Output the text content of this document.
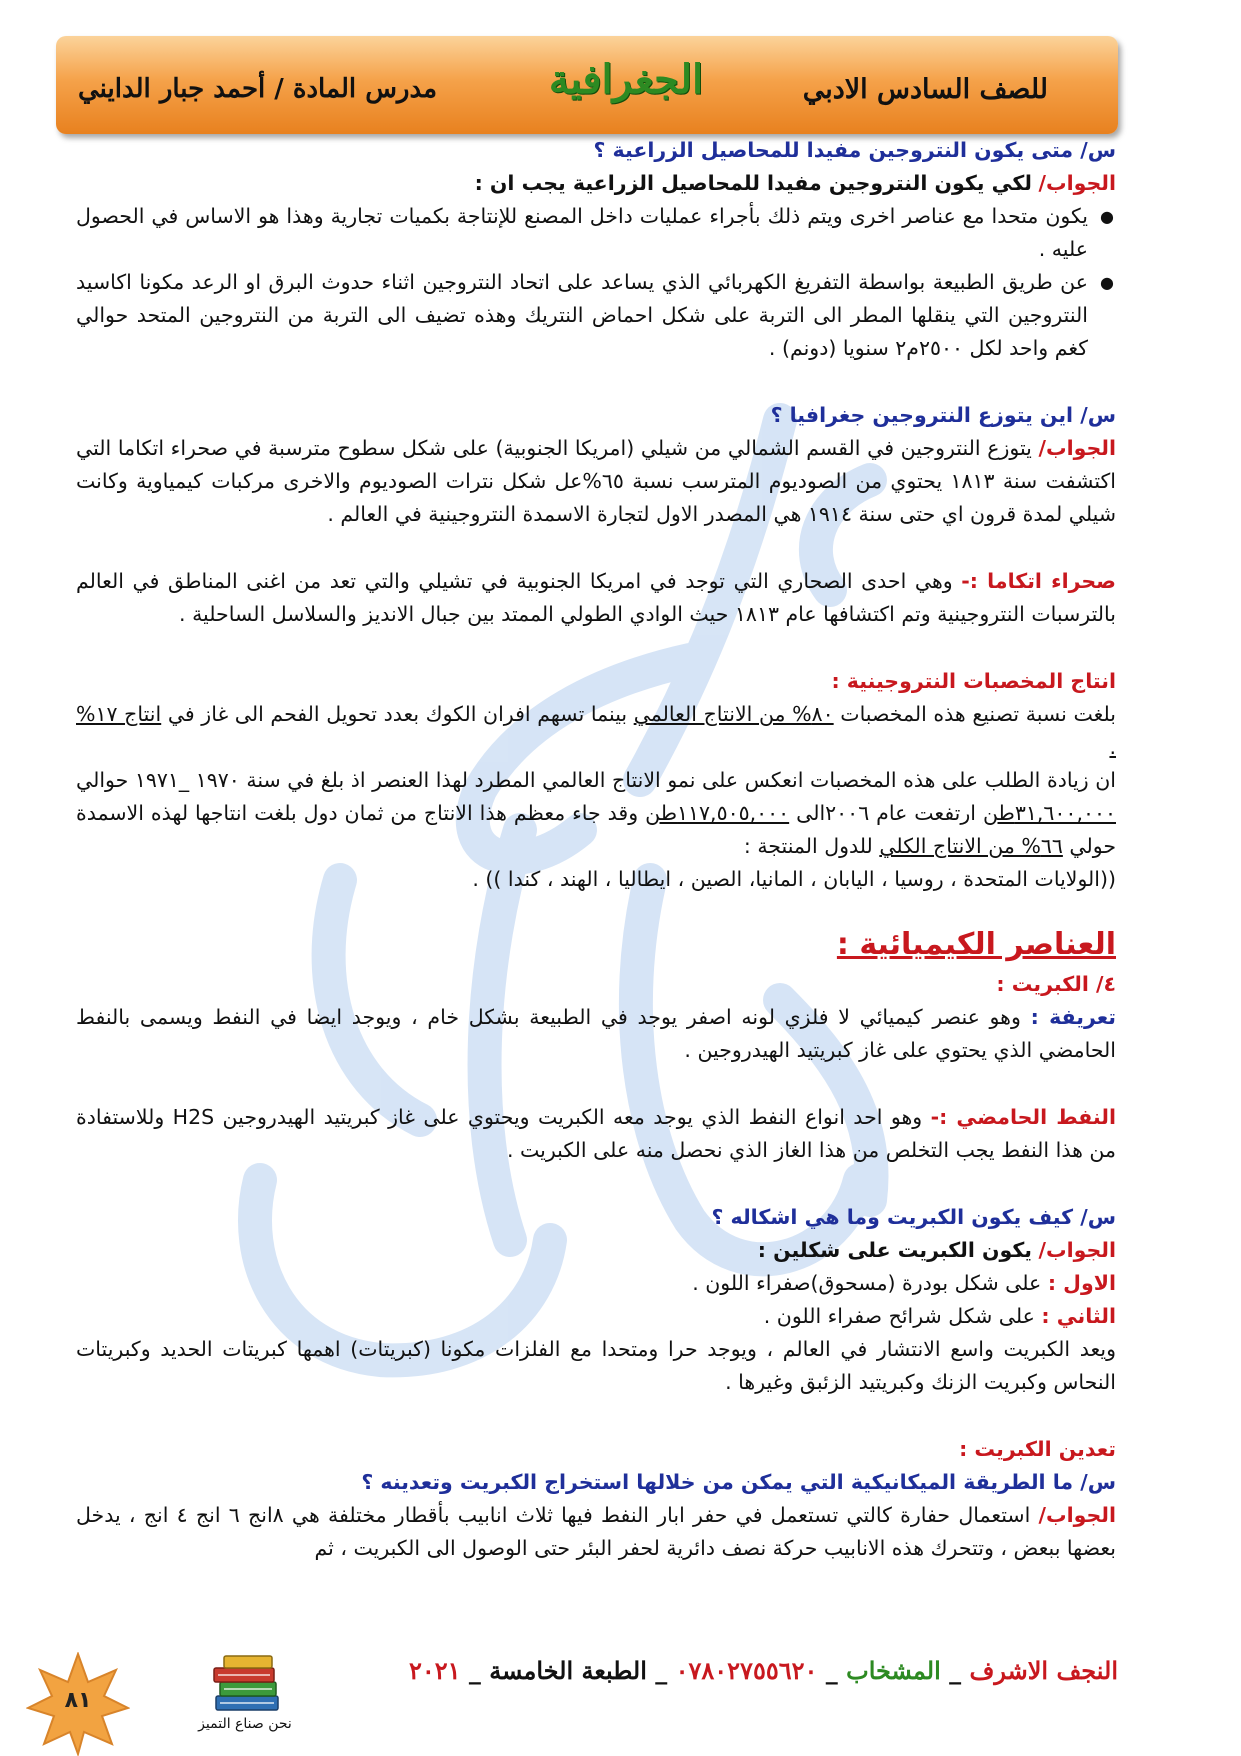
للصف السادس الادبي
الجغرافية
مدرس المادة / أحمد جبار الدايني

س/ متى يكون النتروجين مفيدا للمحاصيل الزراعية ؟

الجواب/ لكي يكون النتروجين مفيدا للمحاصيل الزراعية يجب ان :

● يكون متحدا مع عناصر اخرى ويتم ذلك بأجراء عمليات داخل المصنع للإنتاجة بكميات تجارية وهذا هو الاساس في الحصول عليه .
● عن طريق الطبيعة بواسطة التفريغ الكهربائي الذي يساعد على اتحاد النتروجين اثناء حدوث البرق او الرعد مكونا اكاسيد النتروجين التي ينقلها المطر الى التربة على شكل احماض النتريك وهذه تضيف الى التربة من النتروجين المتحد حوالي كغم واحد لكل ٢٥٠٠م٢ سنويا (دونم) .

س/ اين يتوزع النتروجين جغرافيا ؟

الجواب/ يتوزع النتروجين في القسم الشمالي من شيلي (امريكا الجنوبية) على شكل سطوح مترسبة في صحراء اتكاما التي اكتشفت سنة ١٨١٣ يحتوي من الصوديوم المترسب نسبة ٦٥%عل شكل نترات الصوديوم والاخرى مركبات كيمياوية وكانت شيلي لمدة قرون اي حتى سنة ١٩١٤ هي المصدر الاول لتجارة الاسمدة النتروجينية في العالم .

صحراء اتكاما :- وهي احدى الصحاري التي توجد في امريكا الجنوبية في تشيلي والتي تعد من اغنى المناطق في العالم بالترسبات النتروجينية وتم اكتشافها عام ١٨١٣ حيث الوادي الطولي الممتد بين جبال الانديز والسلاسل الساحلية .

انتاج المخصبات النتروجينية :

بلغت نسبة تصنيع هذه المخصبات ٨٠% من الانتاج العالمي بينما تسهم افران الكوك بعدد تحويل الفحم الى غاز في انتاج ١٧% .

ان زيادة الطلب على هذه المخصبات انعكس على نمو الانتاج العالمي المطرد لهذا العنصر اذ بلغ في سنة ١٩٧٠ _١٩٧١ حوالي ٣١,٦٠٠,٠٠٠طن ارتفعت عام ٢٠٠٦الى ١١٧,٥٠٥,٠٠٠طن وقد جاء معظم هذا الانتاج من ثمان دول بلغت انتاجها لهذه الاسمدة حولي ٦٦% من الانتاج الكلي للدول المنتجة :

((الولايات المتحدة ، روسيا ، اليابان ، المانيا، الصين ، ايطاليا ، الهند ، كندا )) .

العناصر الكيميائية :

٤/ الكبريت :

تعريفة : وهو عنصر كيميائي لا فلزي لونه اصفر يوجد في الطبيعة بشكل خام ، ويوجد ايضا في النفط ويسمى بالنفط الحامضي الذي يحتوي على غاز كبريتيد الهيدروجين .

النفط الحامضي :- وهو احد انواع النفط الذي يوجد معه الكبريت ويحتوي على غاز كبريتيد الهيدروجين H2S وللاستفادة من هذا النفط يجب التخلص من هذا الغاز الذي نحصل منه على الكبريت .

س/ كيف يكون الكبريت وما هي اشكاله ؟

الجواب/ يكون الكبريت على شكلين :

الاول : على شكل بودرة (مسحوق)صفراء اللون .

الثاني : على شكل شرائح صفراء اللون .

ويعد الكبريت واسع الانتشار في العالم ، ويوجد حرا ومتحدا مع الفلزات مكونا (كبريتات) اهمها كبريتات الحديد وكبريتات النحاس وكبريت الزنك وكبريتيد الزئبق وغيرها .

تعدين الكبريت :

س/ ما الطريقة الميكانيكية التي يمكن من خلالها استخراج الكبريت وتعدينه ؟

الجواب/ استعمال حفارة كالتي تستعمل في حفر ابار النفط فيها ثلاث انابيب بأقطار مختلفة هي ٨انج ٦ انج ٤ انج ، يدخل بعضها ببعض ، وتتحرك هذه الانابيب حركة نصف دائرية لحفر البئر حتى الوصول الى الكبريت ، ثم

٨١
نحن صناع التميز
النجف الاشرف _ المشخاب _ ٠٧٨٠٢٧٥٥٦٢٠ _ الطبعة الخامسة _ ٢٠٢١
